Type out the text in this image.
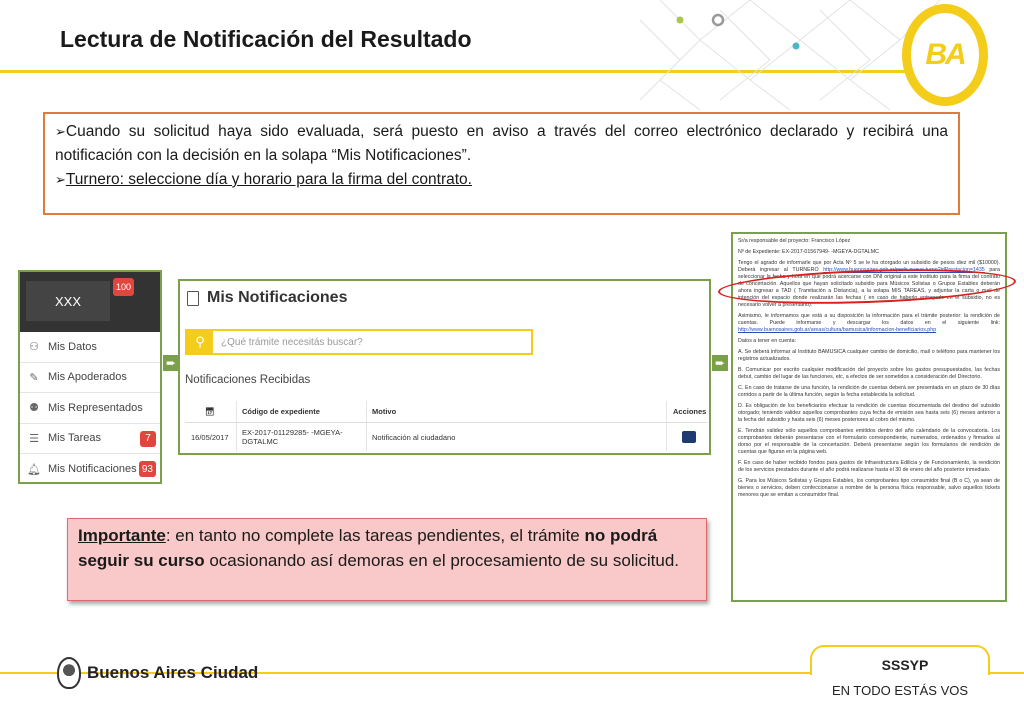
Lectura de Notificación del Resultado	BA

➢Cuando su solicitud haya sido evaluada, será puesto en aviso a través del correo electrónico declarado y recibirá una notificación con la decisión en la solapa “Mis Notificaciones”.

➢Turnero: seleccione día y horario para la firma del contrato.

XXX
100
⚇ Mis Datos
✎ Mis Apoderados
⚉ Mis Representados
☰ Mis Tareas	7
🔔︎ Mis Notificaciones 93
➨
Mis Notificaciones
⚲	¿Qué trámite necesitás buscar?
Notificaciones Recibidas
📅︎	Código de expediente	Motivo	Acciones
16/05/2017 EX-2017-01129285- -MGEYA-DGTALMC	Notificación al ciudadano
➨

Sr/a responsable del proyecto: Francisco López

Nº de Expediente: EX-2017-01567949- -MGEYA-DGTALMC

Tengo el agrado de informarle que por Acta Nº 5 se le ha otorgado un subsidio de pesos diez mil ($10000). Deberá ingresar al TURNERO http://www.buenosaires.gob.ar/pedir-nuevo-turno?idPrestacion=1435 para seleccionar la fecha y hora en que podrá acercarse con DNI original a este Instituto para la firma del contrato de concertación. Aquellos que hayan solicitado subsidio para Músicos Solistas o Grupos Estables deberán ahora ingresar a TAD ( Tramitación a Distancia), a la solapa MIS TAREAS, y adjuntar la carta o mail de intención del espacio donde realizarán las fechas ( en caso de haberlo entregado en el subsidio, no es necesario volver a presentarlo).

Asimismo, le informamos que está a su disposición la información para el trámite posterior: la rendición de cuentas. Puede informarse y descargar los datos en el siguiente link: http://www.buenosaires.gob.ar/areas/cultura/bamusica/informacion-beneficiarios.php

Datos a tener en cuenta:

A. Se deberá informar al Instituto BAMUSICA cualquier cambio de domicilio, mail o teléfono para mantener los registros actualizados.

B. Comunicar por escrito cualquier modificación del proyecto sobre los gastos presupuestados, las fechas debut, cambio del lugar de las funciones, etc, a efectos de ser sometidos a consideración del Directorio.

C. En caso de tratarse de una función, la rendición de cuentas deberá ser presentada en un plazo de 30 días corridos a partir de la última función, según la fecha establecida la solicitud.

D. Es obligación de los beneficiarios efectuar la rendición de cuentas documentada del destino del subsidio otorgado; teniendo validez aquellos comprobantes cuya fecha de emisión sea hasta seis (6) meses anterior a la fecha del subsidio y hasta seis (6) meses posteriores al cobro del mismo.

E. Tendrán validez sólo aquellos comprobantes emitidos dentro del año calendario de la convocatoria. Los comprobantes deberán presentarse con el formulario correspondiente, numerados, ordenados y firmados al dorso por el responsable de la concertación. Deberá presentarse según los formularios de rendición de cuentas que figuran en la página web.

F. En caso de haber recibido fondos para gastos de Infraestructura Edilicia y de Funcionamiento, la rendición de los servicios prestados durante el año podrá realizarse hasta el 30 de enero del año posterior inmediato.

G. Para los Músicos Solistas y Grupos Estables, los comprobantes tipo consumidor final (B o C), ya sean de bienes o servicios, deben confeccionarse a nombre de la persona física responsable, salvo aquellos tickets menores que se emitan a consumidor final.

Importante: en tanto no complete las tareas pendientes, el trámite no podrá seguir su curso ocasionando así demoras en el procesamiento de su solicitud.
Buenos Aires Ciudad	SSSYP
EN TODO ESTÁS VOS
